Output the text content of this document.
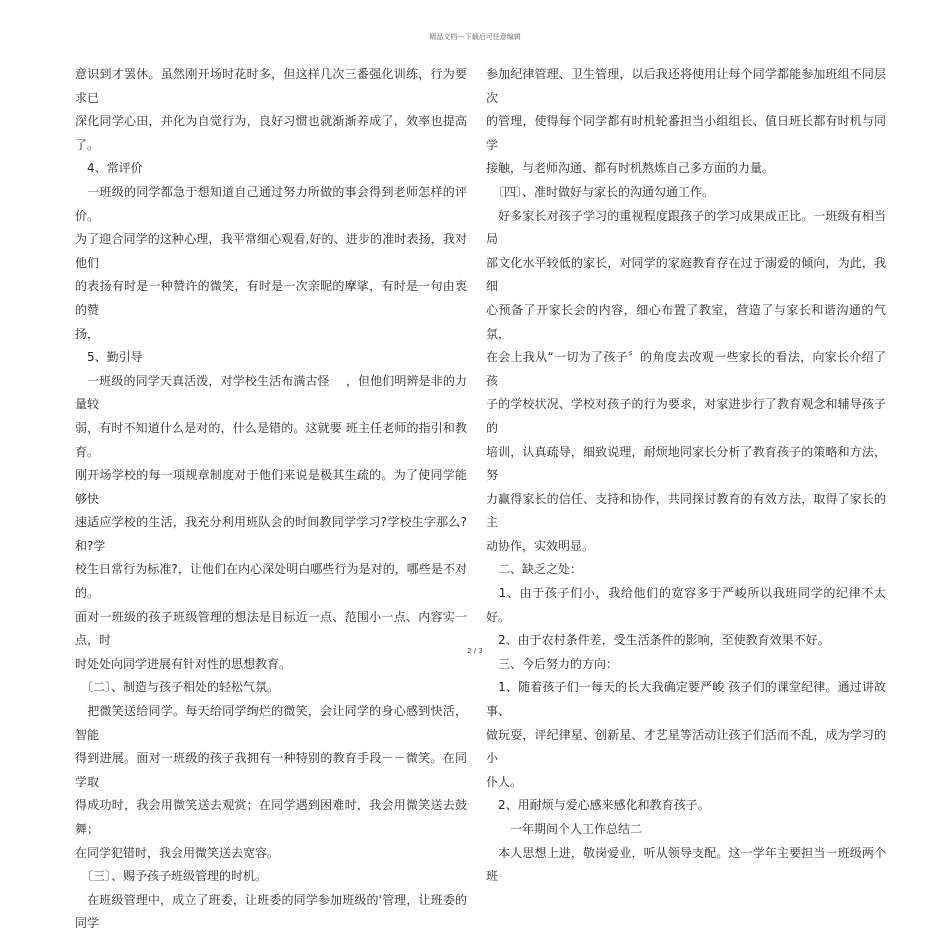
精品文档---下载后可任意编辑

意识到才罢休。虽然刚开场时花时多，但这样几次三番强化训练，行为要求已

深化同学心田，并化为自觉行为，良好习惯也就渐渐养成了，效率也提高了。

　4、常评价

　一班级的同学都急于想知道自己通过努力所做的事会得到老师怎样的评价。

为了迎合同学的这种心理，我平常细心观看,好的、进步的准时表扬，我对他们

的表扬有时是一种赞许的微笑，有时是一次亲昵的摩挲，有时是一句由衷的赞

扬，

　5、勤引导

　一班级的同学天真活泼，对学校生活布满古怪　 ，但他们明辨是非的力量较

弱，有时不知道什么是对的，什么是错的。这就要 班主任老师的指引和教育。

刚开场学校的每一项规章制度对于他们来说是极其生疏的。为了使同学能够快

速适应学校的生活，我充分利用班队会的时间教同学学习?学校生字那么?和?学

校生日常行为标准?，让他们在内心深处明白哪些行为是对的，哪些是不对的。

面对一班级的孩子班级管理的想法是目标近一点、范围小一点、内容实一点，时

时处处向同学进展有针对性的思想教育。

　〔二〕、制造与孩子相处的轻松气氛。

　把微笑送给同学。每天给同学绚烂的微笑，会让同学的身心感到快活，智能

得到进展。面对一班级的孩子我拥有一种特别的教育手段－－微笑。在同学取

得成功时，我会用微笑送去观赏；在同学遇到困难时，我会用微笑送去鼓舞；

在同学犯错时，我会用微笑送去宽容。

　〔三〕、赐予孩子班级管理的时机。

　在班级管理中，成立了班委，让班委的同学参加班级的'管理，让班委的同学

参加纪律管理、卫生管理，以后我还将使用让每个同学都能参加班组不同层次

的管理，使得每个同学都有时机轮番担当小组组长、值日班长都有时机与同学

接触，与老师沟通、都有时机熬炼自己多方面的力量。

　〔四〕、准时做好与家长的沟通勾通工作。

　好多家长对孩子学习的重视程度跟孩子的学习成果成正比。一班级有相当局

部文化水平较低的家长，对同学的家庭教育存在过于溺爱的倾向，为此，我细

心预备了开家长会的内容，细心布置了教室，营造了与家长和谐沟通的气氛，

在会上我从“一切为了孩子〞的角度去改观一些家长的看法，向家长介绍了孩

子的学校状况、学校对孩子的行为要求，对家进步行了教育观念和辅导孩子的

培训，认真疏导，细致说理，耐烦地同家长分析了教育孩子的策略和方法，努

力赢得家长的信任、支持和协作，共同探讨教育的有效方法，取得了家长的主

动协作，实效明显。

　二、缺乏之处：

　1、由于孩子们小，我给他们的宽容多于严峻所以我班同学的纪律不太好。

　2、由于农村条件差，受生活条件的影响，至使教育效果不好。

　三、今后努力的方向：

　1、随着孩子们一每天的长大我确定要严峻 孩子们的课堂纪律。通过讲故事、

做玩耍，评纪律星、创新星、才艺星等活动让孩子们活而不乱，成为学习的小

仆人。

　2、用耐烦与爱心感来感化和教育孩子。

　　一年期间个人工作总结二

　本人思想上进，敬岗爱业，听从领导支配。这一学年主要担当一班级两个班

2 / 3
